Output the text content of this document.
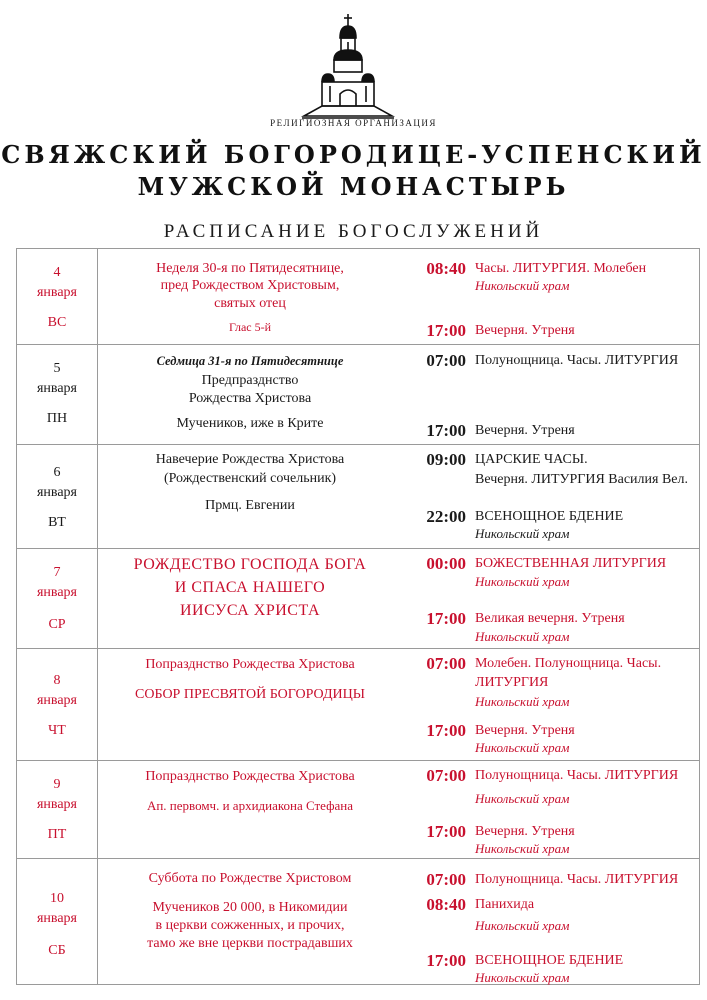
РЕЛИГИОЗНАЯ ОРГАНИЗАЦИЯ
СВЯЖСКИЙ БОГОРОДИЦЕ-УСПЕНСКИЙ
МУЖСКОЙ МОНАСТЫРЬ
РАСПИСАНИЕ БОГОСЛУЖЕНИЙ
4
января
ВС
Неделя 30-я по Пятидесятнице,
пред Рождеством Христовым,
святых отец
Глас 5-й
08:40 Часы. ЛИТУРГИЯ. Молебен
Никольский храм
17:00 Вечерня. Утреня
5
января
ПН
Седмица 31-я по Пятидесятнице
Предпразднство
Рождества Христова
Мучеников, иже в Крите
07:00 Полунощница. Часы. ЛИТУРГИЯ
17:00 Вечерня. Утреня
6
января
ВТ
Навечерие Рождества Христова
(Рождественский сочельник)
Прмц. Евгении
09:00 ЦАРСКИЕ ЧАСЫ.
Вечерня. ЛИТУРГИЯ Василия Вел.
22:00 ВСЕНОЩНОЕ БДЕНИЕ
Никольский храм
7
января
СР
РОЖДЕСТВО ГОСПОДА БОГА
И СПАСА НАШЕГО
ИИСУСА ХРИСТА
00:00 БОЖЕСТВЕННАЯ ЛИТУРГИЯ
Никольский храм
17:00 Великая вечерня. Утреня
Никольский храм
8
января
ЧТ
Попразднство Рождества Христова
СОБОР ПРЕСВЯТОЙ БОГОРОДИЦЫ
07:00 Молебен. Полунощница. Часы.
ЛИТУРГИЯ
Никольский храм
17:00 Вечерня. Утреня
Никольский храм
9
января
ПТ
Попразднство Рождества Христова
Ап. первомч. и архидиакона Стефана
07:00 Полунощница. Часы. ЛИТУРГИЯ
Никольский храм
17:00 Вечерня. Утреня
Никольский храм
10
января
СБ
Суббота по Рождестве Христовом
Мучеников 20 000, в Никомидии
в церкви сожженных, и прочих,
тамо же вне церкви пострадавших
07:00 Полунощница. Часы. ЛИТУРГИЯ
08:40 Панихида
Никольский храм
17:00 ВСЕНОЩНОЕ БДЕНИЕ
Никольский храм
